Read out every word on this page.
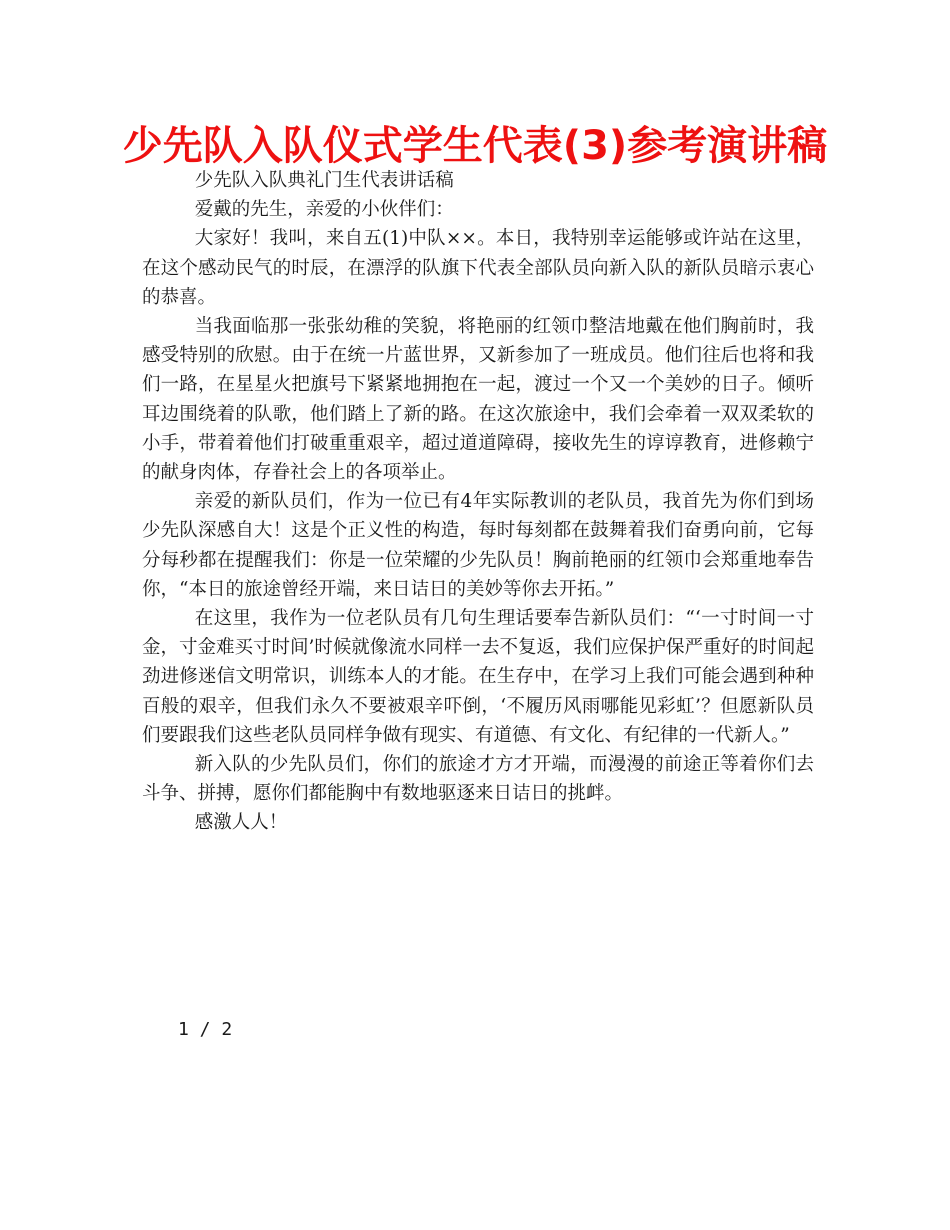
少先队入队仪式学生代表(3)参考演讲稿

少先队入队典礼门生代表讲话稿

爱戴的先生，亲爱的小伙伴们：

大家好！我叫，来自五(1)中队××。本日，我特别幸运能够或许站在这里，在这个感动民气的时辰，在漂浮的队旗下代表全部队员向新入队的新队员暗示衷心的恭喜。

当我面临那一张张幼稚的笑貌，将艳丽的红领巾整洁地戴在他们胸前时，我感受特别的欣慰。由于在统一片蓝世界，又新参加了一班成员。他们往后也将和我们一路，在星星火把旗号下紧紧地拥抱在一起，渡过一个又一个美妙的日子。倾听耳边围绕着的队歌，他们踏上了新的路。在这次旅途中，我们会牵着一双双柔软的小手，带着着他们打破重重艰辛，超过道道障碍，接收先生的谆谆教育，进修赖宁的献身肉体，存眷社会上的各项举止。

亲爱的新队员们，作为一位已有4年实际教训的老队员，我首先为你们到场少先队深感自大！这是个正义性的构造，每时每刻都在鼓舞着我们奋勇向前，它每分每秒都在提醒我们：你是一位荣耀的少先队员！胸前艳丽的红领巾会郑重地奉告你，“本日的旅途曾经开端，来日诘日的美妙等你去开拓。”

在这里，我作为一位老队员有几句生理话要奉告新队员们：“‘一寸时间一寸金，寸金难买寸时间’时候就像流水同样一去不复返，我们应保护保严重好的时间起劲进修迷信文明常识，训练本人的才能。在生存中，在学习上我们可能会遇到种种百般的艰辛，但我们永久不要被艰辛吓倒，‘不履历风雨哪能见彩虹’？但愿新队员们要跟我们这些老队员同样争做有现实、有道德、有文化、有纪律的一代新人。”

新入队的少先队员们，你们的旅途才方才开端，而漫漫的前途正等着你们去斗争、拼搏，愿你们都能胸中有数地驱逐来日诘日的挑衅。

感激人人！

1 / 2
